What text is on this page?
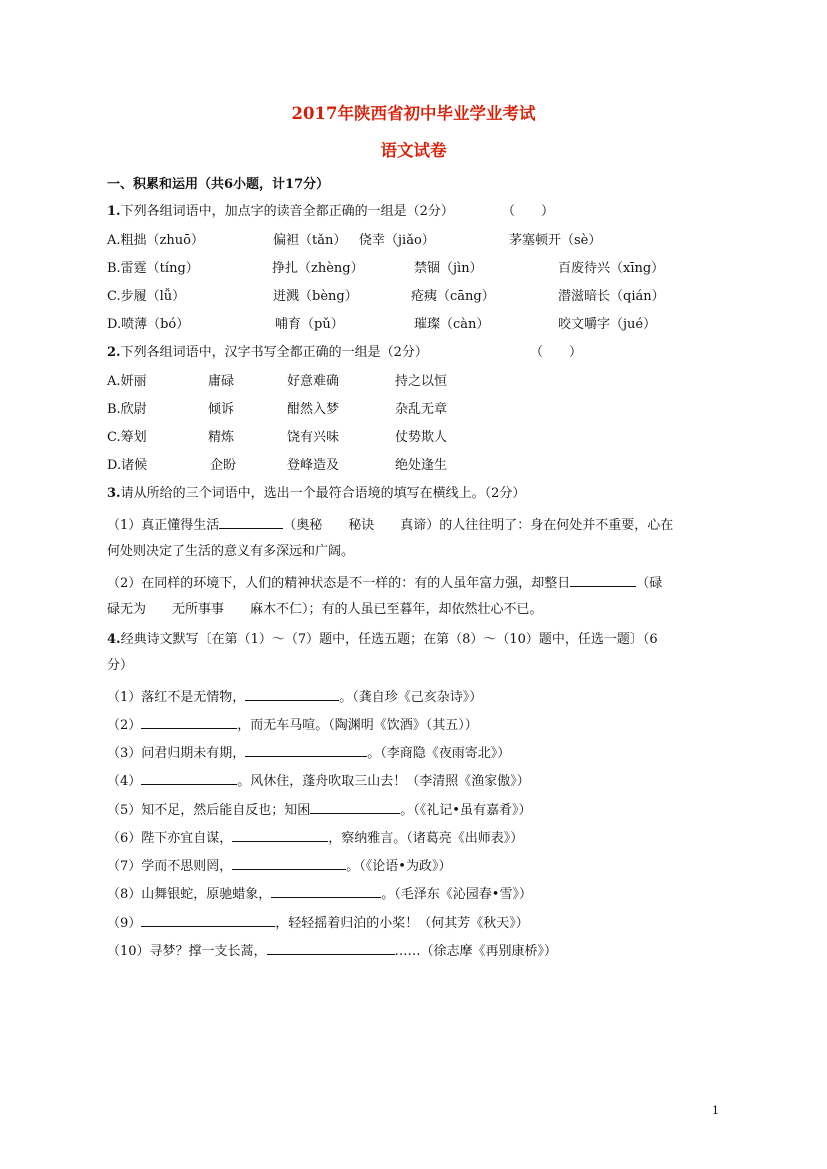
2017年陕西省初中毕业学业考试
语文试卷
一、积累和运用（共6小题，计17分）
1.下列各组词语中，加点字的读音全都正确的一组是（2分）	（　　）
A.粗拙（zhuō）	偏袒（tǎn） 侥幸（jiǎo）	茅塞顿开（sè）
B.雷霆（tíng）	挣扎（zhèng）	禁锢（jìn）	百废待兴（xīng）
C.步履（lǚ）	迸溅（bèng）	疮痍（cāng）	潜滋暗长（qián）
D.喷薄（bó）	哺育（pǔ）	璀璨（càn）	咬文嚼字（jué）
2.下列各组词语中，汉字书写全都正确的一组是（2分）	（　　）
A.妍丽	庸碌	好意难确	持之以恒
B.欣尉	倾诉	酣然入梦	杂乱无章
C.筹划	精炼	饶有兴味	仗势欺人
D.诸候	企盼	登峰造及	绝处逢生
3.请从所给的三个词语中，选出一个最符合语境的填写在横线上。（2分）
（1）真正懂得生活	（奥秘　　秘诀　　真谛）的人往往明了：身在何处并不重要，心在
何处则决定了生活的意义有多深远和广阔。
（2）在同样的环境下，人们的精神状态是不一样的：有的人虽年富力强，却整日	（碌
碌无为　　无所事事　　麻木不仁）；有的人虽已至暮年，却依然壮心不已。
4.经典诗文默写〔在第（1）～（7）题中，任选五题；在第（8）～（10）题中，任选一题〕（6
分）
（1）落红不是无情物，	。（龚自珍《己亥杂诗》）
（2）	，而无车马喧。（陶渊明《饮酒》（其五））
（3）问君归期未有期，	。（李商隐《夜雨寄北》）
（4）	。风休住，蓬舟吹取三山去！（李清照《渔家傲》）
（5）知不足，然后能自反也；知困	。（《礼记•虽有嘉肴》）
（6）陛下亦宜自谋，	，察纳雅言。（诸葛亮《出师表》）
（7）学而不思则罔，	。（《论语•为政》）
（8）山舞银蛇，原驰蜡象，	。（毛泽东《沁园春•雪》）
（9）	，轻轻摇着归泊的小桨！（何其芳《秋天》）
（10）寻梦？撑一支长蒿，	……（徐志摩《再别康桥》）
1
